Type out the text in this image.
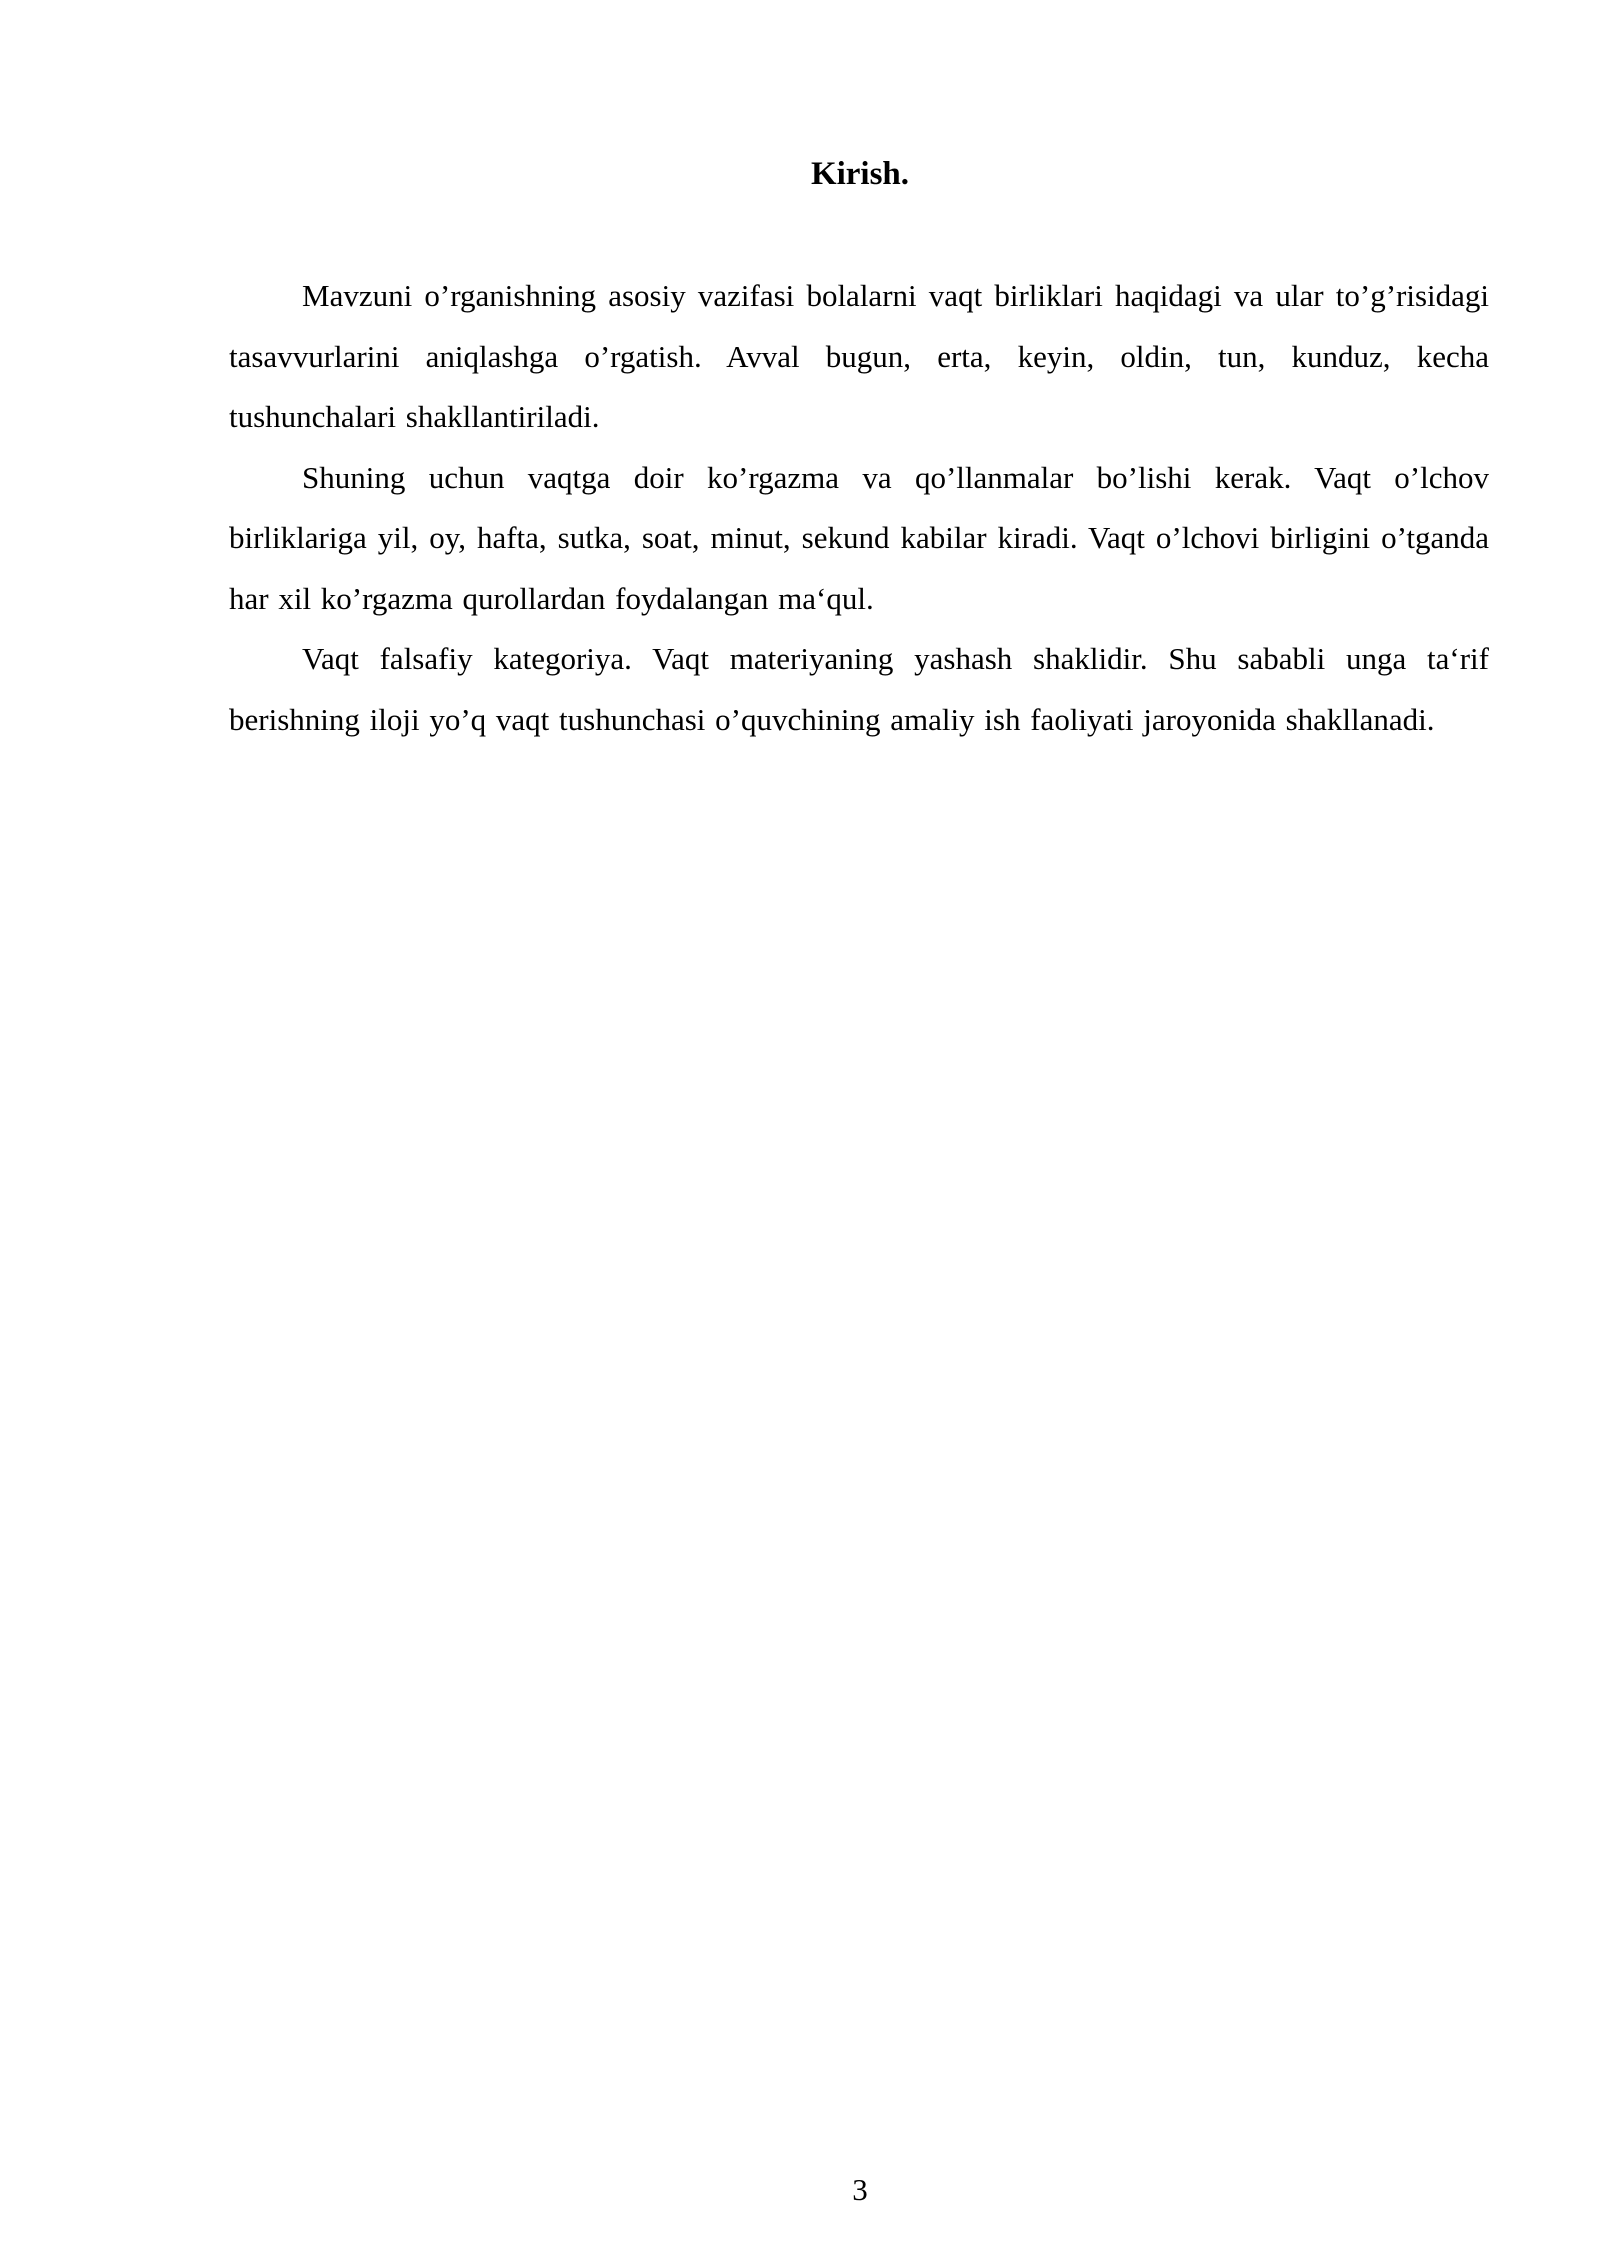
Kirish.

Mavzuni o’rganishning asosiy vazifasi bolalarni vaqt birliklari haqidagi va ular to’g’risidagi tasavvurlarini aniqlashga o’rgatish. Avval bugun, erta, keyin, oldin, tun, kunduz, kecha tushunchalari shakllantiriladi.

Shuning uchun vaqtga doir ko’rgazma va qo’llanmalar bo’lishi kerak. Vaqt o’lchov birliklariga yil, oy, hafta, sutka, soat, minut, sekund kabilar kiradi. Vaqt o’lchovi birligini o’tganda har xil ko’rgazma qurollardan foydalangan ma‘qul.

Vaqt falsafiy kategoriya. Vaqt materiyaning yashash shaklidir. Shu sababli unga ta‘rif berishning iloji yo’q vaqt tushunchasi o’quvchining amaliy ish faoliyati jaroyonida shakllanadi.

3
